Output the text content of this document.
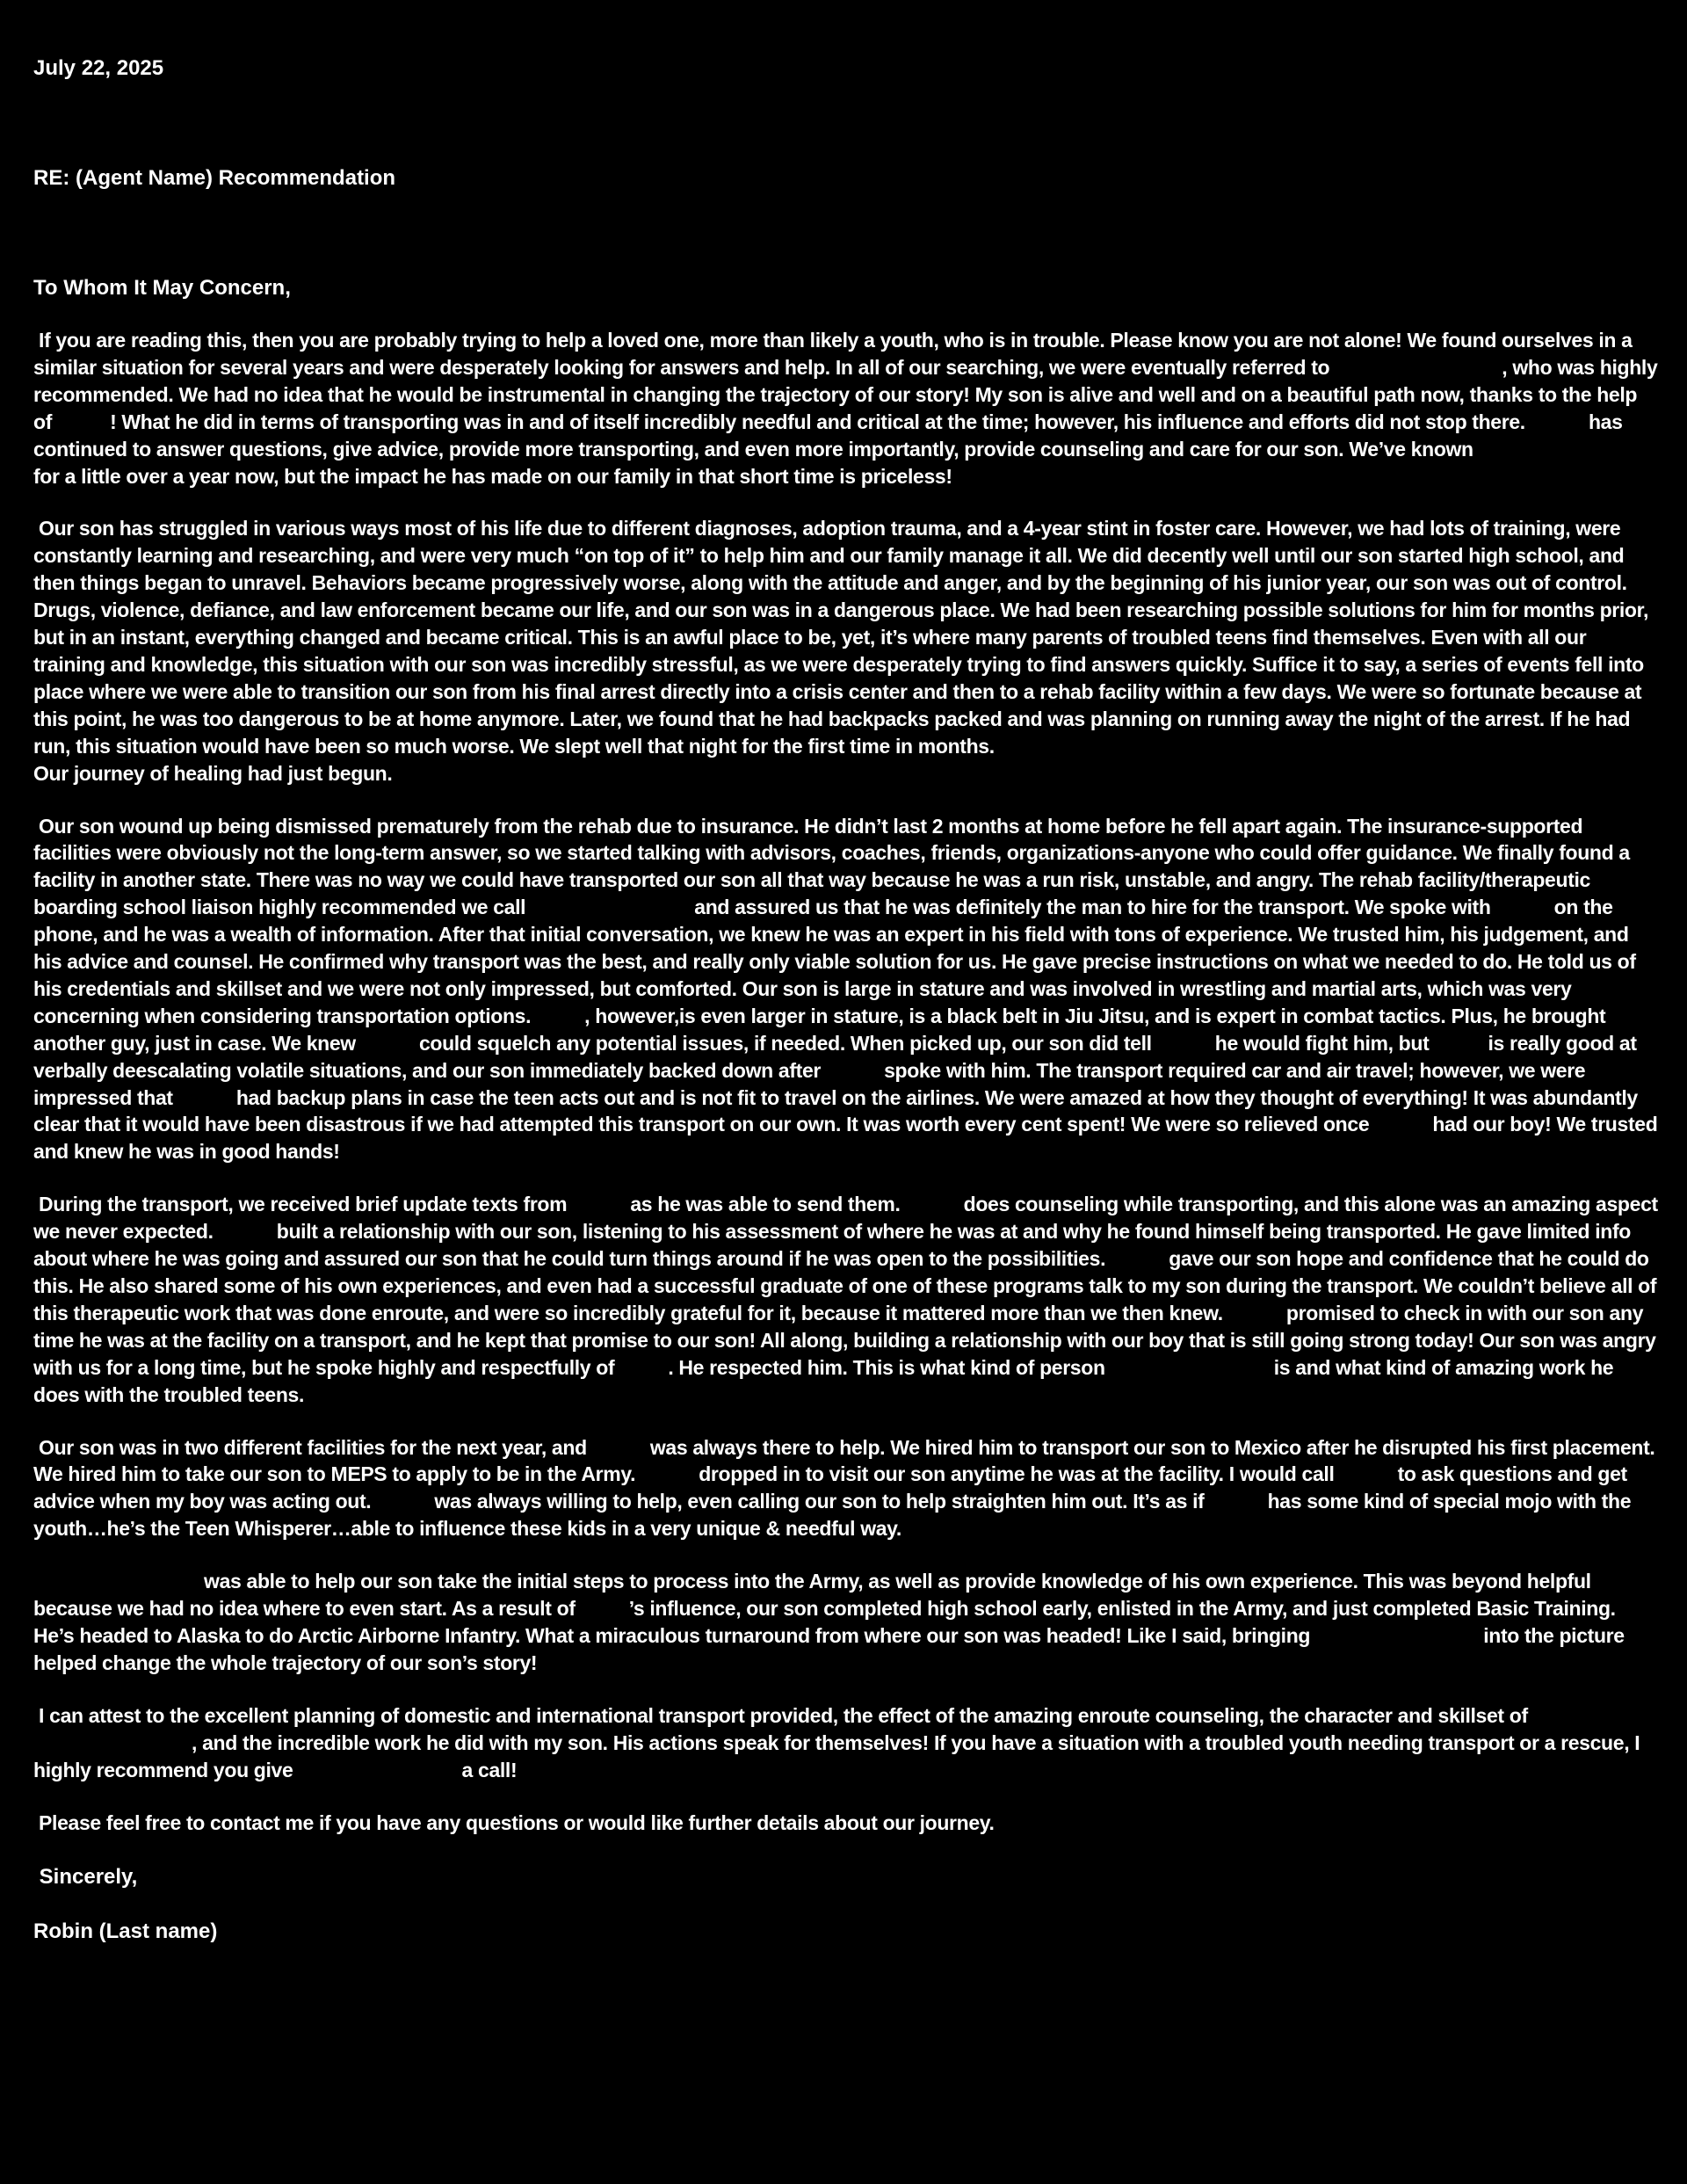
July 22, 2025

RE: (Agent Name) Recommendation

To Whom It May Concern,

If you are reading this, then you are probably trying to help a loved one, more than likely a youth, who is in trouble. Please know you are not alone! We found ourselves in a similar situation for several years and were desperately looking for answers and help. In all of our searching, we were eventually referred to	, who was highly recommended. We had no idea that he would be instrumental in changing the trajectory of our story! My son is alive and well and on a beautiful path now, thanks to the help of	! What he did in terms of transporting was in and of itself incredibly needful and critical at the time; however, his influence and efforts did not stop there.	has continued to answer questions, give advice, provide more transporting, and even more importantly, provide counseling and care for our son. We’ve known  for a little over a year now, but the impact he has made on our family in that short time is priceless!

Our son has struggled in various ways most of his life due to different diagnoses, adoption trauma, and a 4-year stint in foster care. However, we had lots of training, were constantly learning and researching, and were very much “on top of it” to help him and our family manage it all. We did decently well until our son started high school, and then things began to unravel. Behaviors became progressively worse, along with the attitude and anger, and by the beginning of his junior year, our son was out of control. Drugs, violence, defiance, and law enforcement became our life, and our son was in a dangerous place. We had been researching possible solutions for him for months prior, but in an instant, everything changed and became critical. This is an awful place to be, yet, it’s where many parents of troubled teens find themselves. Even with all our training and knowledge, this situation with our son was incredibly stressful, as we were desperately trying to find answers quickly. Suffice it to say, a series of events fell into place where we were able to transition our son from his final arrest directly into a crisis center and then to a rehab facility within a few days. We were so fortunate because at this point, he was too dangerous to be at home anymore. Later, we found that he had backpacks packed and was planning on running away the night of the arrest. If he had run, this situation would have been so much worse. We slept well that night for the first time in months.
Our journey of healing had just begun.

Our son wound up being dismissed prematurely from the rehab due to insurance. He didn’t last 2 months at home before he fell apart again. The insurance-supported facilities were obviously not the long-term answer, so we started talking with advisors, coaches, friends, organizations-anyone who could offer guidance. We finally found a facility in another state. There was no way we could have transported our son all that way because he was a run risk, unstable, and angry. The rehab facility/therapeutic boarding school liaison highly recommended we call	and assured us that he was definitely the man to hire for the transport. We spoke with	on the phone, and he was a wealth of information. After that initial conversation, we knew he was an expert in his field with tons of experience. We trusted him, his judgement, and his advice and counsel. He confirmed why transport was the best, and really only viable solution for us. He gave precise instructions on what we needed to do. He told us of his credentials and skillset and we were not only impressed, but comforted. Our son is large in stature and was involved in wrestling and martial arts, which was very concerning when considering transportation options.	, however,is even larger in stature, is a black belt in Jiu Jitsu, and is expert in combat tactics. Plus, he brought another guy, just in case. We knew	could squelch any potential issues, if needed. When picked up, our son did tell	he would fight him, but	is really good at verbally deescalating volatile situations, and our son immediately backed down after	spoke with him. The transport required car and air travel; however, we were impressed that	had backup plans in case the teen acts out and is not fit to travel on the airlines. We were amazed at how they thought of everything! It was abundantly clear that it would have been disastrous if we had attempted this transport on our own. It was worth every cent spent! We were so relieved once	had our boy! We trusted and knew he was in good hands!

During the transport, we received brief update texts from	as he was able to send them.	does counseling while transporting, and this alone was an amazing aspect we never expected.	built a relationship with our son, listening to his assessment of where he was at and why he found himself being transported. He gave limited info about where he was going and assured our son that he could turn things around if he was open to the possibilities.	gave our son hope and confidence that he could do this. He also shared some of his own experiences, and even had a successful graduate of one of these programs talk to my son during the transport. We couldn’t believe all of this therapeutic work that was done enroute, and were so incredibly grateful for it, because it mattered more than we then knew.	promised to check in with our son any time he was at the facility on a transport, and he kept that promise to our son! All along, building a relationship with our boy that is still going strong today! Our son was angry with us for a long time, but he spoke highly and respectfully of	. He respected him. This is what kind of person	is and what kind of amazing work he does with the troubled teens.

Our son was in two different facilities for the next year, and	was always there to help. We hired him to transport our son to Mexico after he disrupted his first placement. We hired him to take our son to MEPS to apply to be in the Army.	dropped in to visit our son anytime he was at the facility. I would call	to ask questions and get advice when my boy was acting out.	was always willing to help, even calling our son to help straighten him out. It’s as if	has some kind of special mojo with the youth…he’s the Teen Whisperer…able to influence these kids in a very unique & needful way.

was able to help our son take the initial steps to process into the Army, as well as provide knowledge of his own experience. This was beyond helpful because we had no idea where to even start. As a result of	’s influence, our son completed high school early, enlisted in the Army, and just completed Basic Training. He’s headed to Alaska to do Arctic Airborne Infantry. What a miraculous turnaround from where our son was headed! Like I said, bringing	into the picture helped change the whole trajectory of our son’s story!

I can attest to the excellent planning of domestic and international transport provided, the effect of the amazing enroute counseling, the character and skillset of , and the incredible work he did with my son. His actions speak for themselves! If you have a situation with a troubled youth needing transport or a rescue, I highly recommend you give	a call!

Please feel free to contact me if you have any questions or would like further details about our journey.

Sincerely,

Robin (Last name)
